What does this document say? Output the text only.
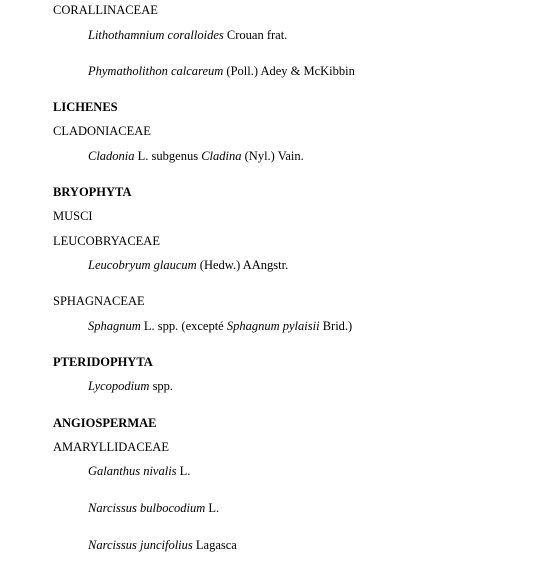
CORALLINACEAE
Lithothamnium coralloides Crouan frat.
Phymatholithon calcareum (Poll.) Adey & McKibbin
LICHENES
CLADONIACEAE
Cladonia L. subgenus Cladina (Nyl.) Vain.
BRYOPHYTA
MUSCI
LEUCOBRYACEAE
Leucobryum glaucum (Hedw.) AAngstr.
SPHAGNACEAE
Sphagnum L. spp. (excepté Sphagnum pylaisii Brid.)
PTERIDOPHYTA
Lycopodium spp.
ANGIOSPERMAE
AMARYLLIDACEAE
Galanthus nivalis L.
Narcissus bulbocodium L.
Narcissus juncifolius Lagasca
